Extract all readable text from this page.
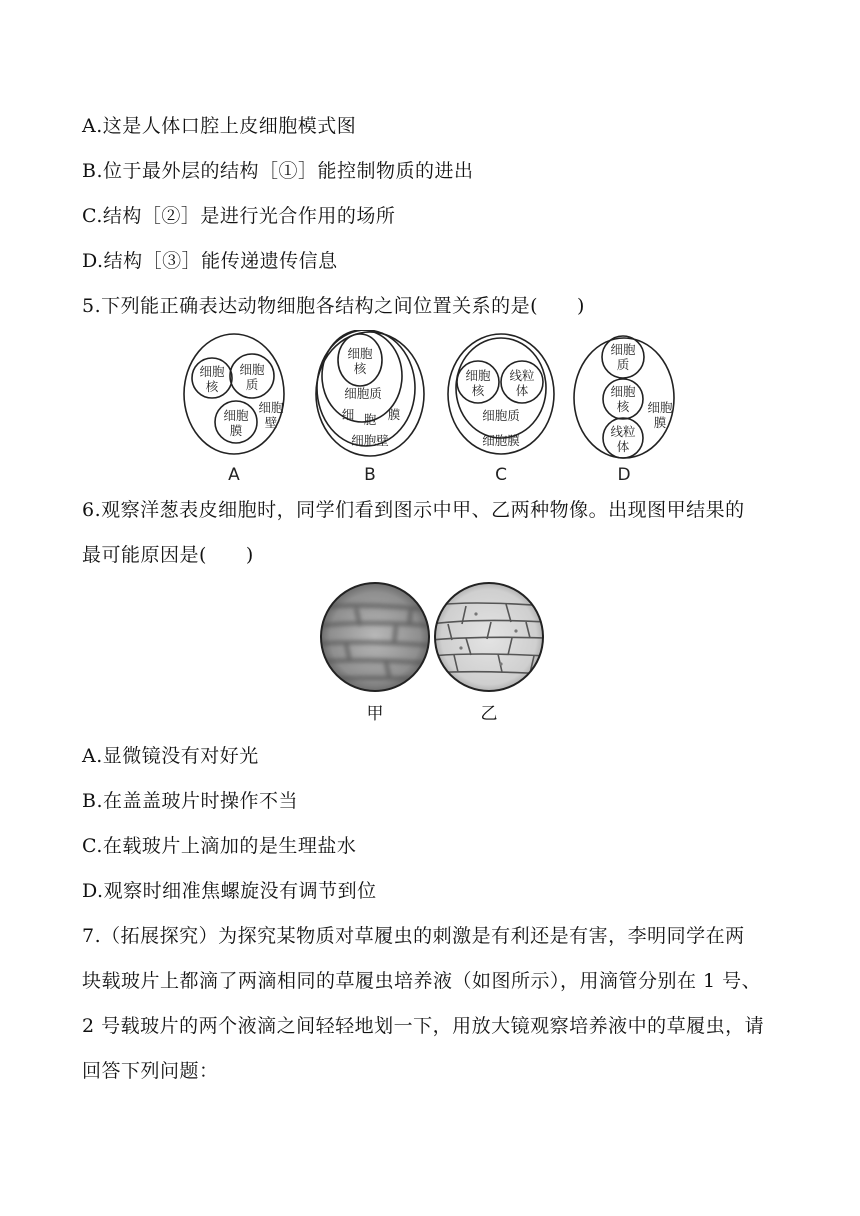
A.这是人体口腔上皮细胞模式图
B.位于最外层的结构［①］能控制物质的进出
C.结构［②］是进行光合作用的场所
D.结构［③］能传递遗传信息
5.下列能正确表达动物细胞各结构之间位置关系的是(　　)
细胞
核
细胞
质
细胞
膜
细胞
壁
A
细胞
核
细胞质
细 胞 膜
细胞壁
B
细胞
核
线粒
体
细胞质
细胞膜
C
细胞
质
细胞
核
线粒
体
细胞
膜
D
6.观察洋葱表皮细胞时，同学们看到图示中甲、乙两种物像。出现图甲结果的
最可能原因是(　　)
甲	乙
A.显微镜没有对好光
B.在盖盖玻片时操作不当
C.在载玻片上滴加的是生理盐水
D.观察时细准焦螺旋没有调节到位
7.（拓展探究）为探究某物质对草履虫的刺激是有利还是有害，李明同学在两
块载玻片上都滴了两滴相同的草履虫培养液（如图所示），用滴管分别在 1 号、
2 号载玻片的两个液滴之间轻轻地划一下，用放大镜观察培养液中的草履虫，请
回答下列问题：
